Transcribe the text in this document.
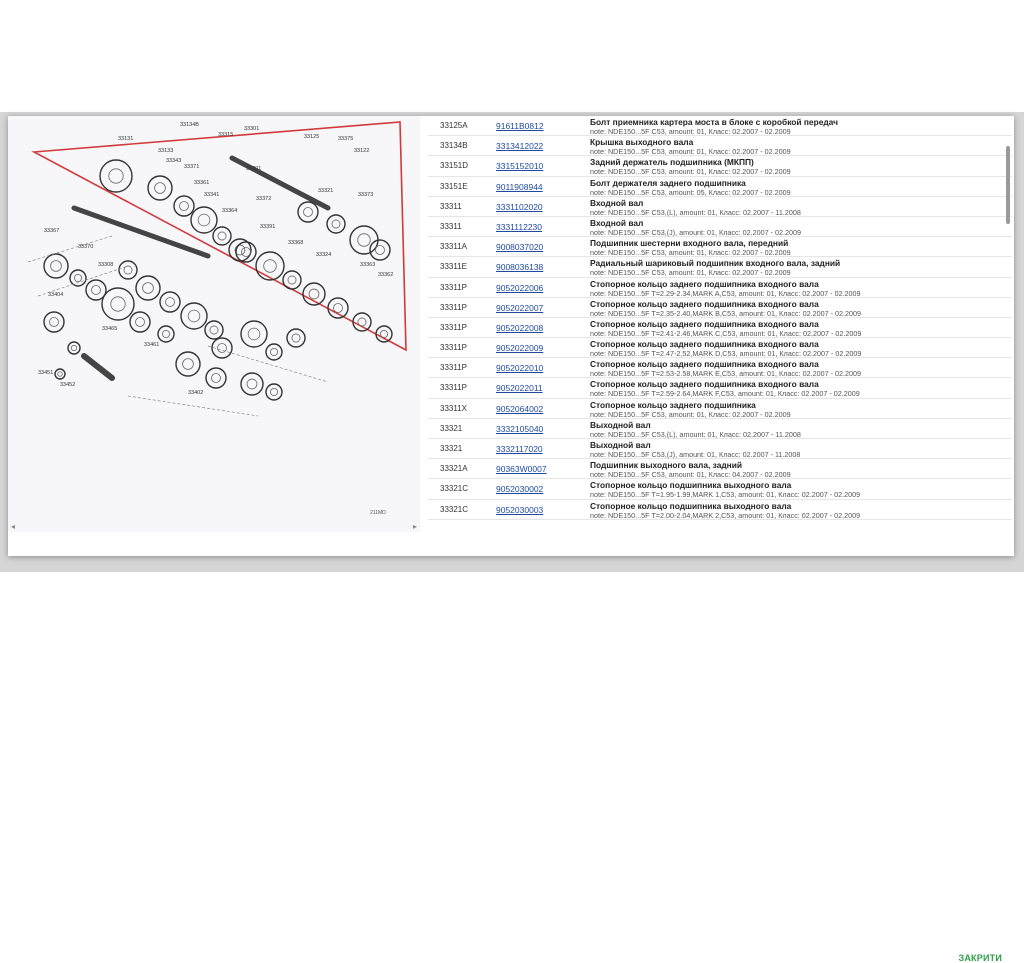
33131
33134B
33315
33301
33133
33343
33371
33361
33301
33125	33375
33122
33373
33321
33372
33341
33364
33391
33368
33324
33363
33362
33367
33370
33308
33404
33451
33452
33465
33461
33402
211MD
◂	▸
33125A	91611B0812	Болт приемника картера моста в блоке с коробкой передач
note: NDE150...5F C53, amount: 01, Класс: 02.2007 - 02.2009
33134B	3313412022	Крышка выходного вала
note: NDE150...5F C53, amount: 01, Класс: 02.2007 - 02.2009
33151D	3315152010	Задний держатель подшипника (МКПП)
note: NDE150...5F C53, amount: 01, Класс: 02.2007 - 02.2009
33151E	9011908944	Болт держателя заднего подшипника
note: NDE150...5F C53, amount: 05, Класс: 02.2007 - 02.2009
33311	3331102020	Входной вал
note: NDE150...5F C53,(L), amount: 01, Класс: 02.2007 - 11.2008
33311	3331112230	Входной вал
note: NDE150...5F C53,(J), amount: 01, Класс: 02.2007 - 02.2009
33311A	9008037020	Подшипник шестерни входного вала, передний
note: NDE150...5F C53, amount: 01, Класс: 02.2007 - 02.2009
33311E	9008036138	Радиальный шариковый подшипник входного вала, задний
note: NDE150...5F C53, amount: 01, Класс: 02.2007 - 02.2009
33311P	9052022006	Стопорное кольцо заднего подшипника входного вала
note: NDE150...5F T=2.29-2.34,MARK A,C53, amount: 01, Класс: 02.2007 - 02.2009
33311P	9052022007	Стопорное кольцо заднего подшипника входного вала
note: NDE150...5F T=2.35-2.40,MARK B,C53, amount: 01, Класс: 02.2007 - 02.2009
33311P	9052022008	Стопорное кольцо заднего подшипника входного вала
note: NDE150...5F T=2.41-2.46,MARK C,C53, amount: 01, Класс: 02.2007 - 02.2009
33311P	9052022009	Стопорное кольцо заднего подшипника входного вала
note: NDE150...5F T=2.47-2.52,MARK D,C53, amount: 01, Класс: 02.2007 - 02.2009
33311P	9052022010	Стопорное кольцо заднего подшипника входного вала
note: NDE150...5F T=2.53-2.58,MARK E,C53, amount: 01, Класс: 02.2007 - 02.2009
33311P	9052022011	Стопорное кольцо заднего подшипника входного вала
note: NDE150...5F T=2.59-2.64,MARK F,C53, amount: 01, Класс: 02.2007 - 02.2009
33311X	9052064002	Стопорное кольцо заднего подшипника
note: NDE150...5F C53, amount: 01, Класс: 02.2007 - 02.2009
33321	3332105040	Выходной вал
note: NDE150...5F C53,(L), amount: 01, Класс: 02.2007 - 11.2008
33321	3332117020	Выходной вал
note: NDE150...5F C53,(J), amount: 01, Класс: 02.2007 - 11.2008
33321A	90363W0007	Подшипник выходного вала, задний
note: NDE150...5F C53, amount: 01, Класс: 04.2007 - 02.2009
33321C	9052030002	Стопорное кольцо подшипника выходного вала
note: NDE150...5F T=1.95-1.99,MARK 1,C53, amount: 01, Класс: 02.2007 - 02.2009
33321C	9052030003	Стопорное кольцо подшипника выходного вала
note: NDE150...5F T=2.00-2.04,MARK 2,C53, amount: 01, Класс: 02.2007 - 02.2009
ЗАКРИТИ
